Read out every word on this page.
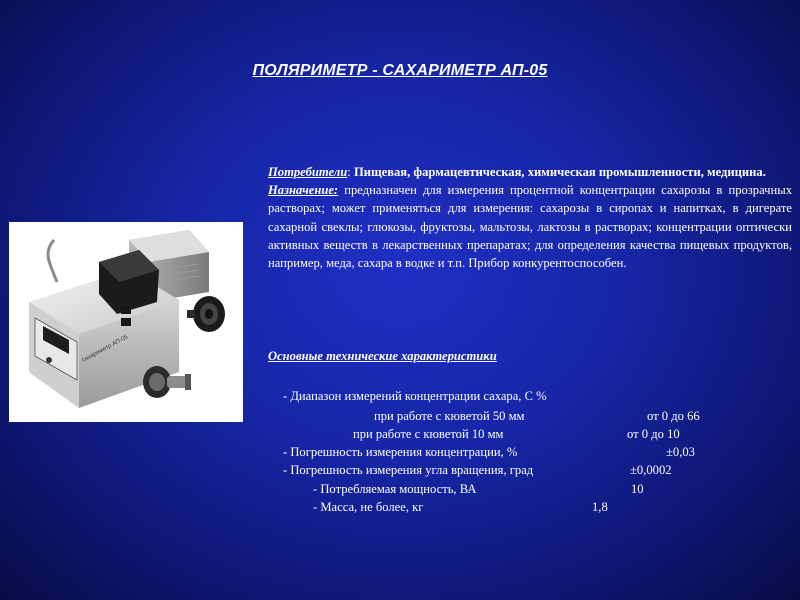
ПОЛЯРИМЕТР - САХАРИМЕТР АП-05
Потребители: Пищевая, фармацевтическая, химическая промышленности, медицина.
Назначение: предназначен для измерения процентной концентрации сахарозы в прозрачных растворах; может применяться для измерения: сахарозы в сиропах и напитках, в дигерате сахарной свеклы; глюкозы, фруктозы, мальтозы, лактозы в растворах; концентрации оптически активных веществ в лекарственных препаратах; для определения качества пищевых продуктов, например, меда, сахара в водке и т.п. Прибор конкурентоспособен.
сахариметр АП-05	Основные технические характеристики
- Диапазон измерений концентрации сахара, С %
при работе с кюветой 50 мм	от 0 до 66
при работе с кюветой 10 мм	от 0 до 10
- Погрешность измерения концентрации, %	±0,03
- Погрешность измерения угла вращения, град	±0,0002
- Потребляемая мощность, ВА	10
- Масса, не более, кг	1,8
